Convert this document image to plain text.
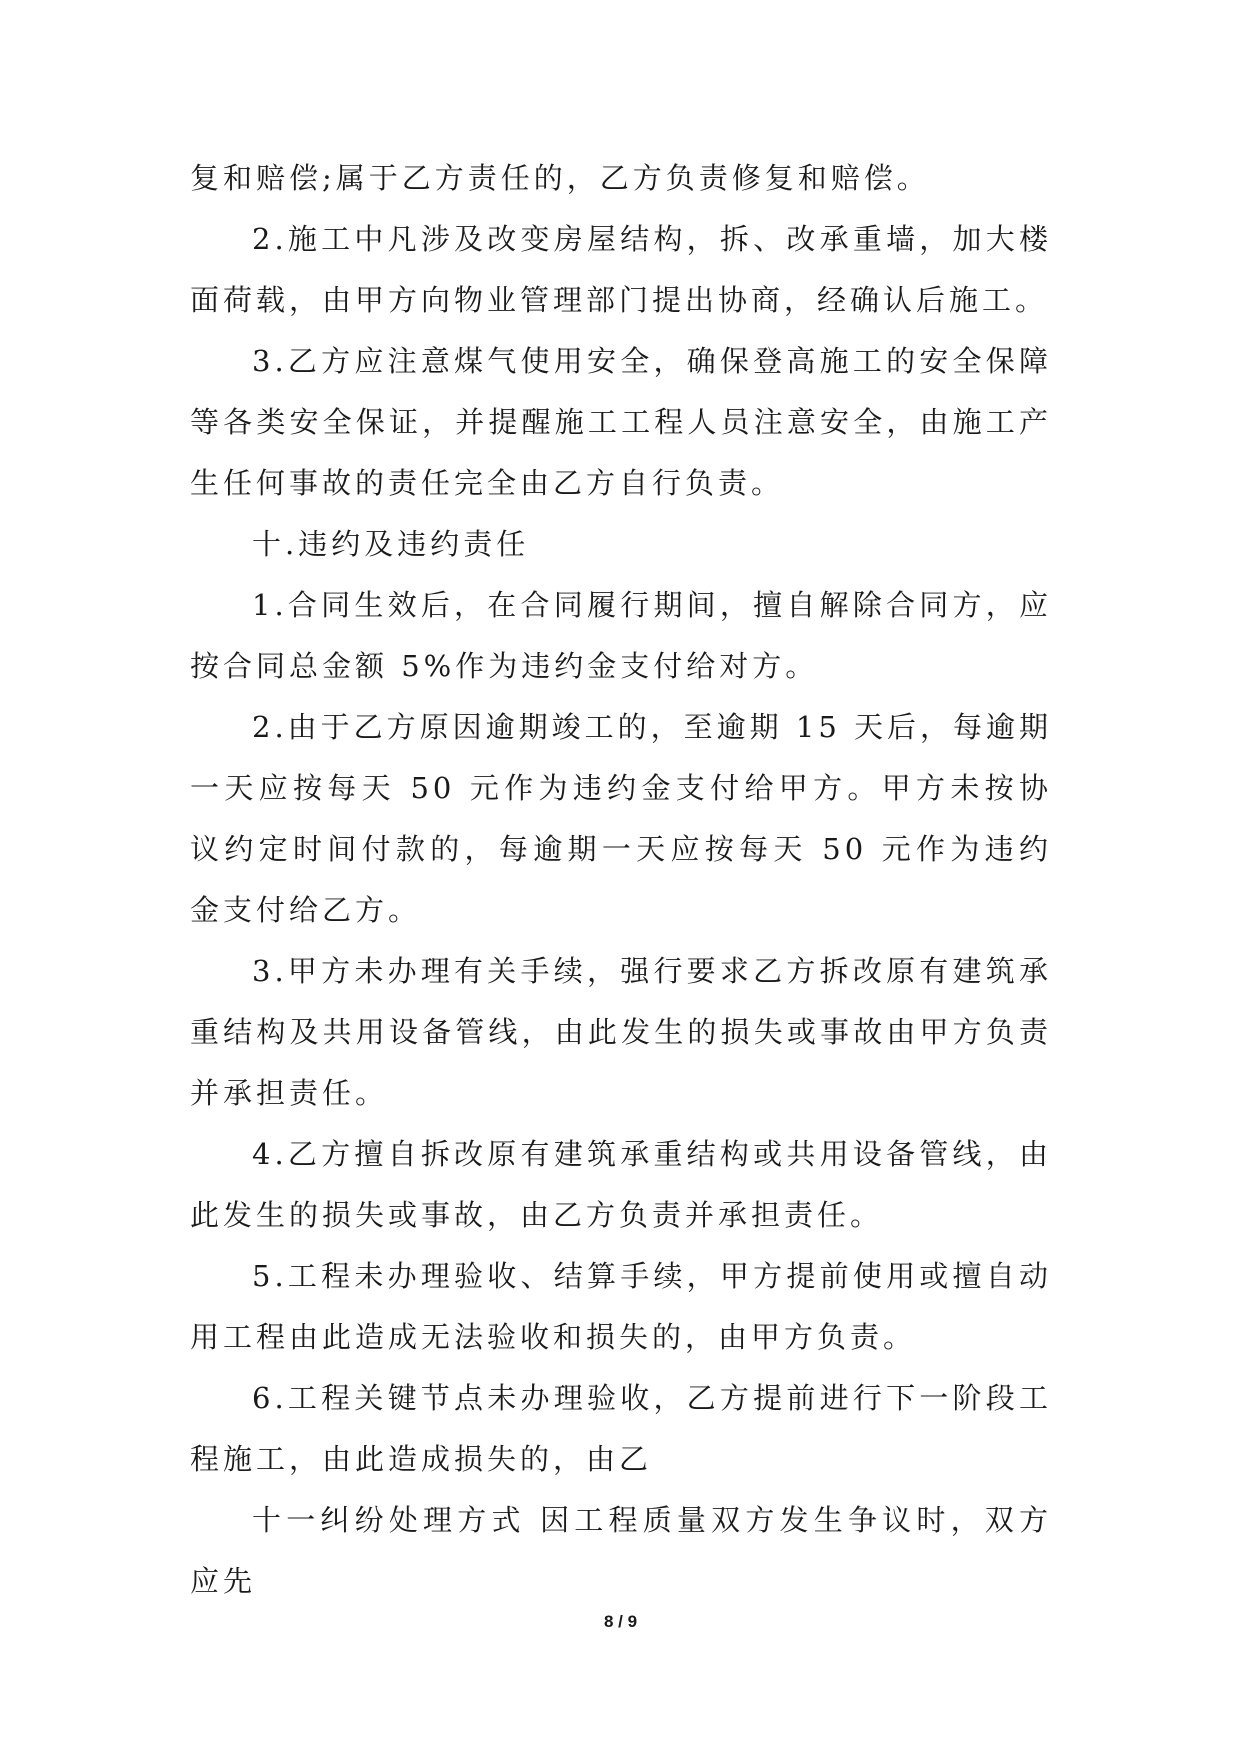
复和赔偿;属于乙方责任的，乙方负责修复和赔偿。

2.施工中凡涉及改变房屋结构，拆、改承重墙，加大楼面荷载，由甲方向物业管理部门提出协商，经确认后施工。

3.乙方应注意煤气使用安全，确保登高施工的安全保障等各类安全保证，并提醒施工工程人员注意安全，由施工产生任何事故的责任完全由乙方自行负责。

十.违约及违约责任

1.合同生效后，在合同履行期间，擅自解除合同方，应按合同总金额 5%作为违约金支付给对方。

2.由于乙方原因逾期竣工的，至逾期 15 天后，每逾期一天应按每天 50 元作为违约金支付给甲方。甲方未按协议约定时间付款的，每逾期一天应按每天 50 元作为违约金支付给乙方。

3.甲方未办理有关手续，强行要求乙方拆改原有建筑承重结构及共用设备管线，由此发生的损失或事故由甲方负责并承担责任。

4.乙方擅自拆改原有建筑承重结构或共用设备管线，由此发生的损失或事故，由乙方负责并承担责任。

5.工程未办理验收、结算手续，甲方提前使用或擅自动用工程由此造成无法验收和损失的，由甲方负责。

6.工程关键节点未办理验收，乙方提前进行下一阶段工程施工，由此造成损失的，由乙

十一纠纷处理方式 因工程质量双方发生争议时，双方应先

8 / 9
